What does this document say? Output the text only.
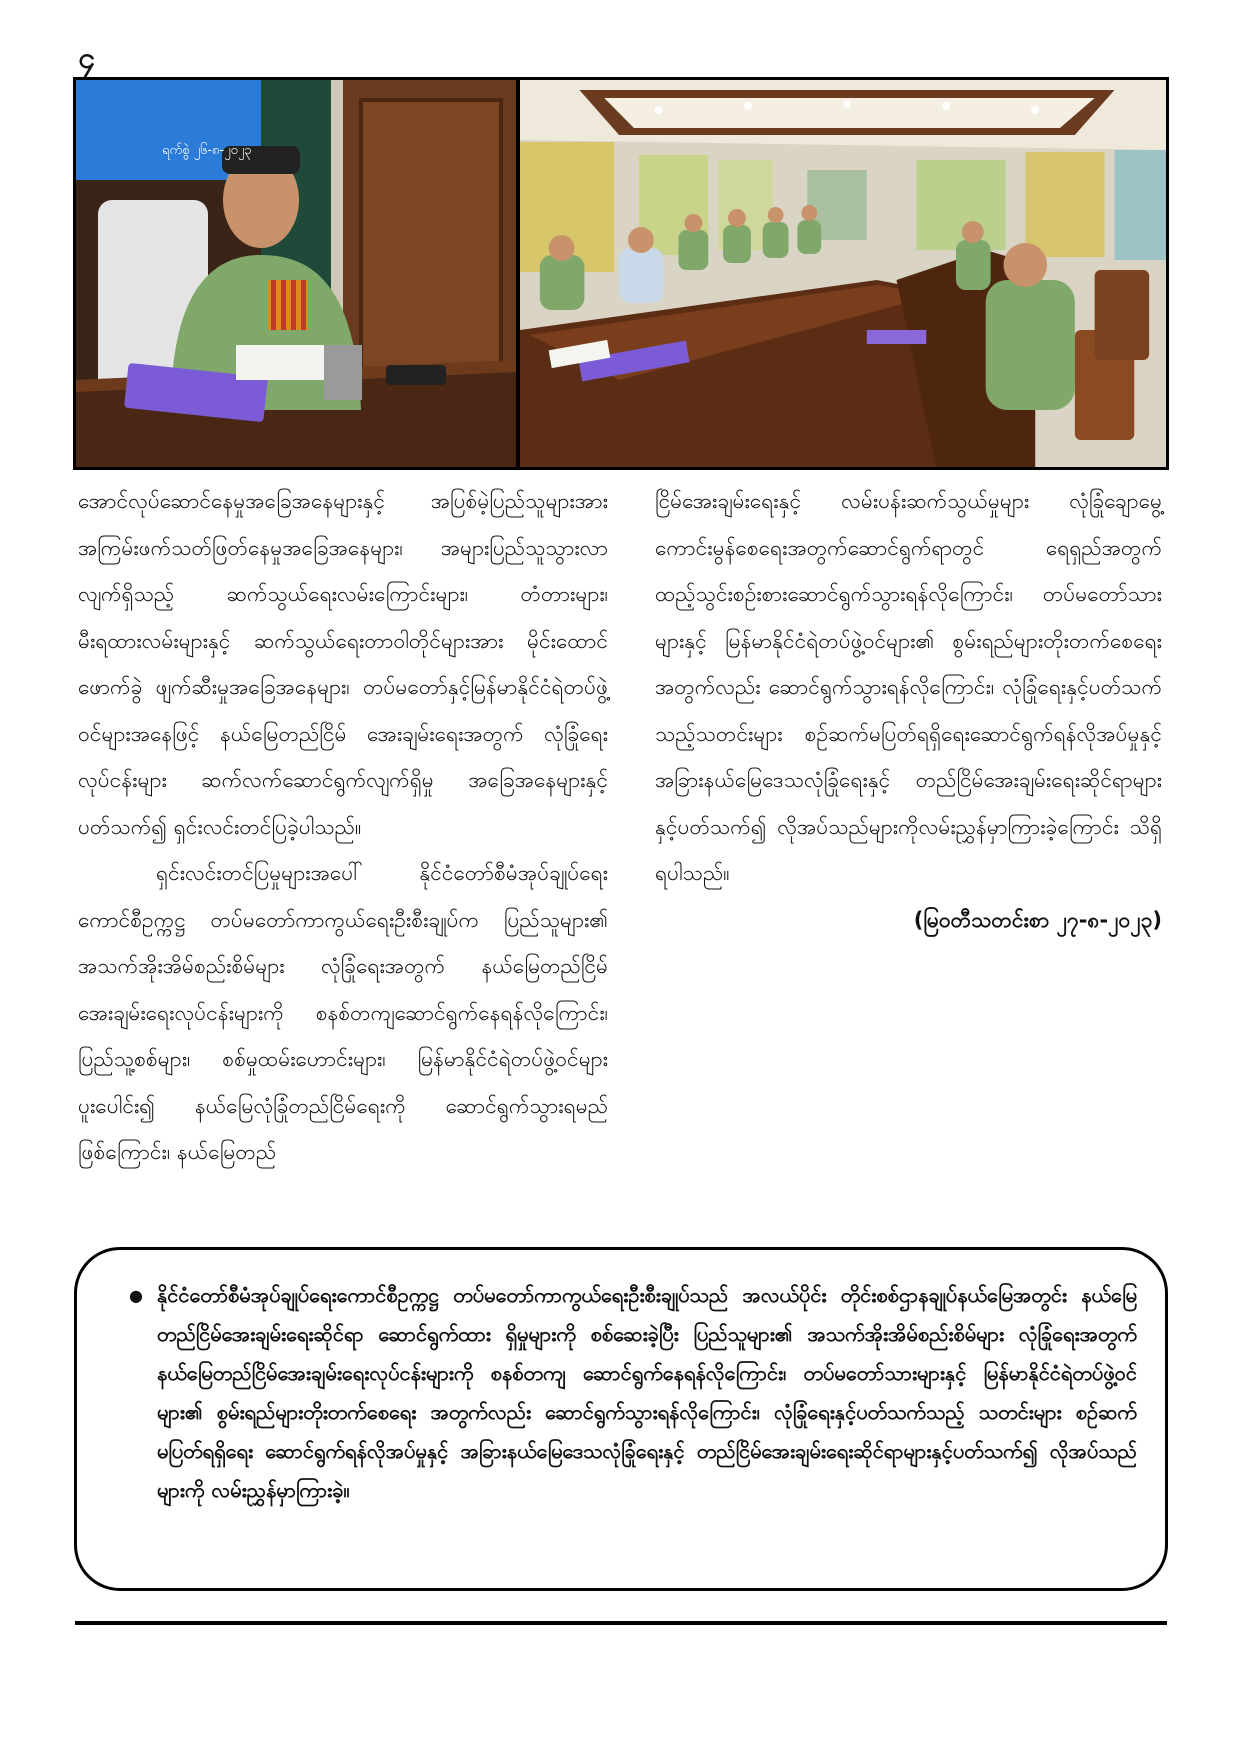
၄
ရက်စွဲ ၂၆-၈-၂၀၂၃

အောင်လုပ်ဆောင်နေမှုအခြေအနေများနှင့် အပြစ်မဲ့ပြည်သူများအား အကြမ်းဖက်သတ်ဖြတ်နေမှုအခြေအနေများ၊ အများပြည်သူသွားလာလျက်ရှိသည့် ဆက်သွယ်ရေးလမ်းကြောင်းများ၊ တံတားများ၊ မီးရထားလမ်းများနှင့် ဆက်သွယ်ရေးတာဝါတိုင်များအား မိုင်းထောင်ဖောက်ခွဲ ဖျက်ဆီးမှုအခြေအနေများ၊ တပ်မတော်နှင့်မြန်မာနိုင်ငံရဲတပ်ဖွဲ့ဝင်များအနေဖြင့် နယ်မြေတည်ငြိမ် အေးချမ်းရေးအတွက် လုံခြုံရေးလုပ်ငန်းများ ဆက်လက်ဆောင်ရွက်လျက်ရှိမှု အခြေအနေများနှင့်ပတ်သက်၍ ရှင်းလင်းတင်ပြခဲ့ပါသည်။

ရှင်းလင်းတင်ပြမှုများအပေါ် နိုင်ငံတော်စီမံအုပ်ချုပ်ရေးကောင်စီဥက္ကဋ္ဌ တပ်မတော်ကာကွယ်ရေးဦးစီးချုပ်က ပြည်သူများ၏ အသက်အိုးအိမ်စည်းစိမ်များ လုံခြုံရေးအတွက် နယ်မြေတည်ငြိမ်အေးချမ်းရေးလုပ်ငန်းများကို စနစ်တကျဆောင်ရွက်နေရန်လိုကြောင်း၊ ပြည်သူ့စစ်များ၊ စစ်မှုထမ်းဟောင်းများ၊ မြန်မာနိုင်ငံရဲတပ်ဖွဲ့ဝင်များပူးပေါင်း၍ နယ်မြေလုံခြုံတည်ငြိမ်ရေးကို ဆောင်ရွက်သွားရမည်ဖြစ်ကြောင်း၊ နယ်မြေတည်

ငြိမ်အေးချမ်းရေးနှင့် လမ်းပန်းဆက်သွယ်မှုများ လုံခြုံချောမွေ့ကောင်းမွန်စေရေးအတွက်ဆောင်ရွက်ရာတွင် ရေရှည်အတွက်ထည့်သွင်းစဉ်းစားဆောင်ရွက်သွားရန်လိုကြောင်း၊ တပ်မတော်သားများနှင့် မြန်မာနိုင်ငံရဲတပ်ဖွဲ့ဝင်များ၏ စွမ်းရည်များတိုးတက်စေရေးအတွက်လည်း ဆောင်ရွက်သွားရန်လိုကြောင်း၊ လုံခြုံရေးနှင့်ပတ်သက်သည့်သတင်းများ စဉ်ဆက်မပြတ်ရရှိရေးဆောင်ရွက်ရန်လိုအပ်မှုနှင့် အခြားနယ်မြေဒေသလုံခြုံရေးနှင့် တည်ငြိမ်အေးချမ်းရေးဆိုင်ရာများနှင့်ပတ်သက်၍ လိုအပ်သည်များကိုလမ်းညွှန်မှာကြားခဲ့ကြောင်း သိရှိရပါသည်။

(မြဝတီသတင်းစာ ၂၇-၈-၂၀၂၃)

● နိုင်ငံတော်စီမံအုပ်ချုပ်ရေးကောင်စီဥက္ကဋ္ဌ တပ်မတော်ကာကွယ်ရေးဦးစီးချုပ်သည် အလယ်ပိုင်း တိုင်းစစ်ဌာနချုပ်နယ်မြေအတွင်း နယ်မြေတည်ငြိမ်အေးချမ်းရေးဆိုင်ရာ ဆောင်ရွက်ထား ရှိမှုများကို စစ်ဆေးခဲ့ပြီး ပြည်သူများ၏ အသက်အိုးအိမ်စည်းစိမ်များ လုံခြုံရေးအတွက် နယ်မြေတည်ငြိမ်အေးချမ်းရေးလုပ်ငန်းများကို စနစ်တကျ ဆောင်ရွက်နေရန်လိုကြောင်း၊ တပ်မတော်သားများနှင့် မြန်မာနိုင်ငံရဲတပ်ဖွဲ့ဝင်များ၏ စွမ်းရည်များတိုးတက်စေရေး အတွက်လည်း ဆောင်ရွက်သွားရန်လိုကြောင်း၊ လုံခြုံရေးနှင့်ပတ်သက်သည့် သတင်းများ စဉ်ဆက်မပြတ်ရရှိရေး ဆောင်ရွက်ရန်လိုအပ်မှုနှင့် အခြားနယ်မြေဒေသလုံခြုံရေးနှင့် တည်ငြိမ်အေးချမ်းရေးဆိုင်ရာများနှင့်ပတ်သက်၍ လိုအပ်သည်များကို လမ်းညွှန်မှာကြားခဲ့။
